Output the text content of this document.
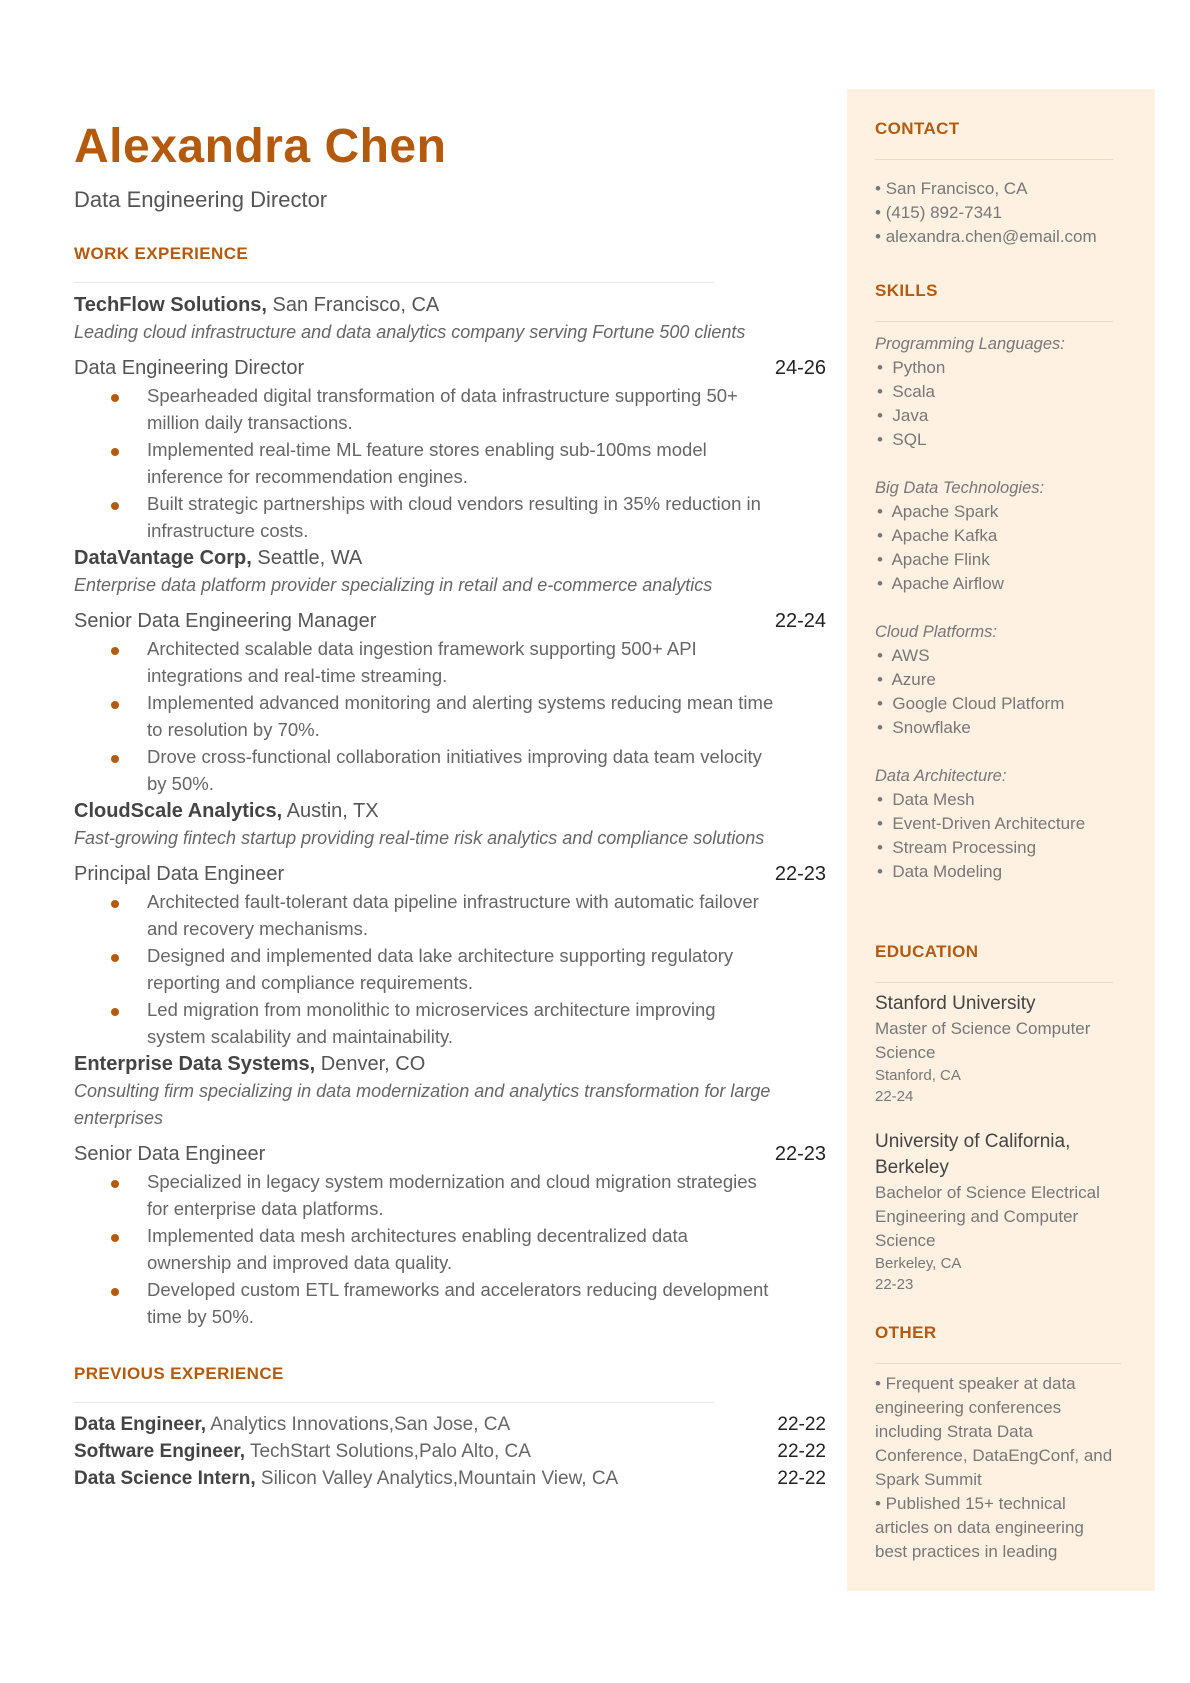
Alexandra Chen
Data Engineering Director
WORK EXPERIENCE
TechFlow Solutions, San Francisco, CA
Leading cloud infrastructure and data analytics company serving Fortune 500 clients
Data Engineering Director	24-26
Spearheaded digital transformation of data infrastructure supporting 50+
million daily transactions.
Implemented real-time ML feature stores enabling sub-100ms model
inference for recommendation engines.
Built strategic partnerships with cloud vendors resulting in 35% reduction in
infrastructure costs.
DataVantage Corp, Seattle, WA
Enterprise data platform provider specializing in retail and e-commerce analytics
Senior Data Engineering Manager	22-24
Architected scalable data ingestion framework supporting 500+ API
integrations and real-time streaming.
Implemented advanced monitoring and alerting systems reducing mean time
to resolution by 70%.
Drove cross-functional collaboration initiatives improving data team velocity
by 50%.
CloudScale Analytics, Austin, TX
Fast-growing fintech startup providing real-time risk analytics and compliance solutions
Principal Data Engineer	22-23
Architected fault-tolerant data pipeline infrastructure with automatic failover
and recovery mechanisms.
Designed and implemented data lake architecture supporting regulatory
reporting and compliance requirements.
Led migration from monolithic to microservices architecture improving
system scalability and maintainability.
Enterprise Data Systems, Denver, CO
Consulting firm specializing in data modernization and analytics transformation for large enterprises
Senior Data Engineer	22-23
Specialized in legacy system modernization and cloud migration strategies
for enterprise data platforms.
Implemented data mesh architectures enabling decentralized data
ownership and improved data quality.
Developed custom ETL frameworks and accelerators reducing development
time by 50%.
PREVIOUS EXPERIENCE
Data Engineer, Analytics Innovations,San Jose, CA	22-22
Software Engineer, TechStart Solutions,Palo Alto, CA	22-22
Data Science Intern, Silicon Valley Analytics,Mountain View, CA	22-22
CONTACT
• San Francisco, CA
• (415) 892-7341
• alexandra.chen@email.com
SKILLS
Programming Languages:
•  Python
•  Scala
•  Java
•  SQL
Big Data Technologies:
•  Apache Spark
•  Apache Kafka
•  Apache Flink
•  Apache Airflow
Cloud Platforms:
•  AWS
•  Azure
•  Google Cloud Platform
•  Snowflake
Data Architecture:
•  Data Mesh
•  Event-Driven Architecture
•  Stream Processing
•  Data Modeling
EDUCATION
Stanford University
Master of Science Computer Science
Stanford, CA
22-24
University of California, Berkeley
Bachelor of Science Electrical Engineering and Computer Science
Berkeley, CA
22-23
OTHER
• Frequent speaker at data
engineering conferences
including Strata Data
Conference, DataEngConf, and
Spark Summit
• Published 15+ technical
articles on data engineering
best practices in leading
